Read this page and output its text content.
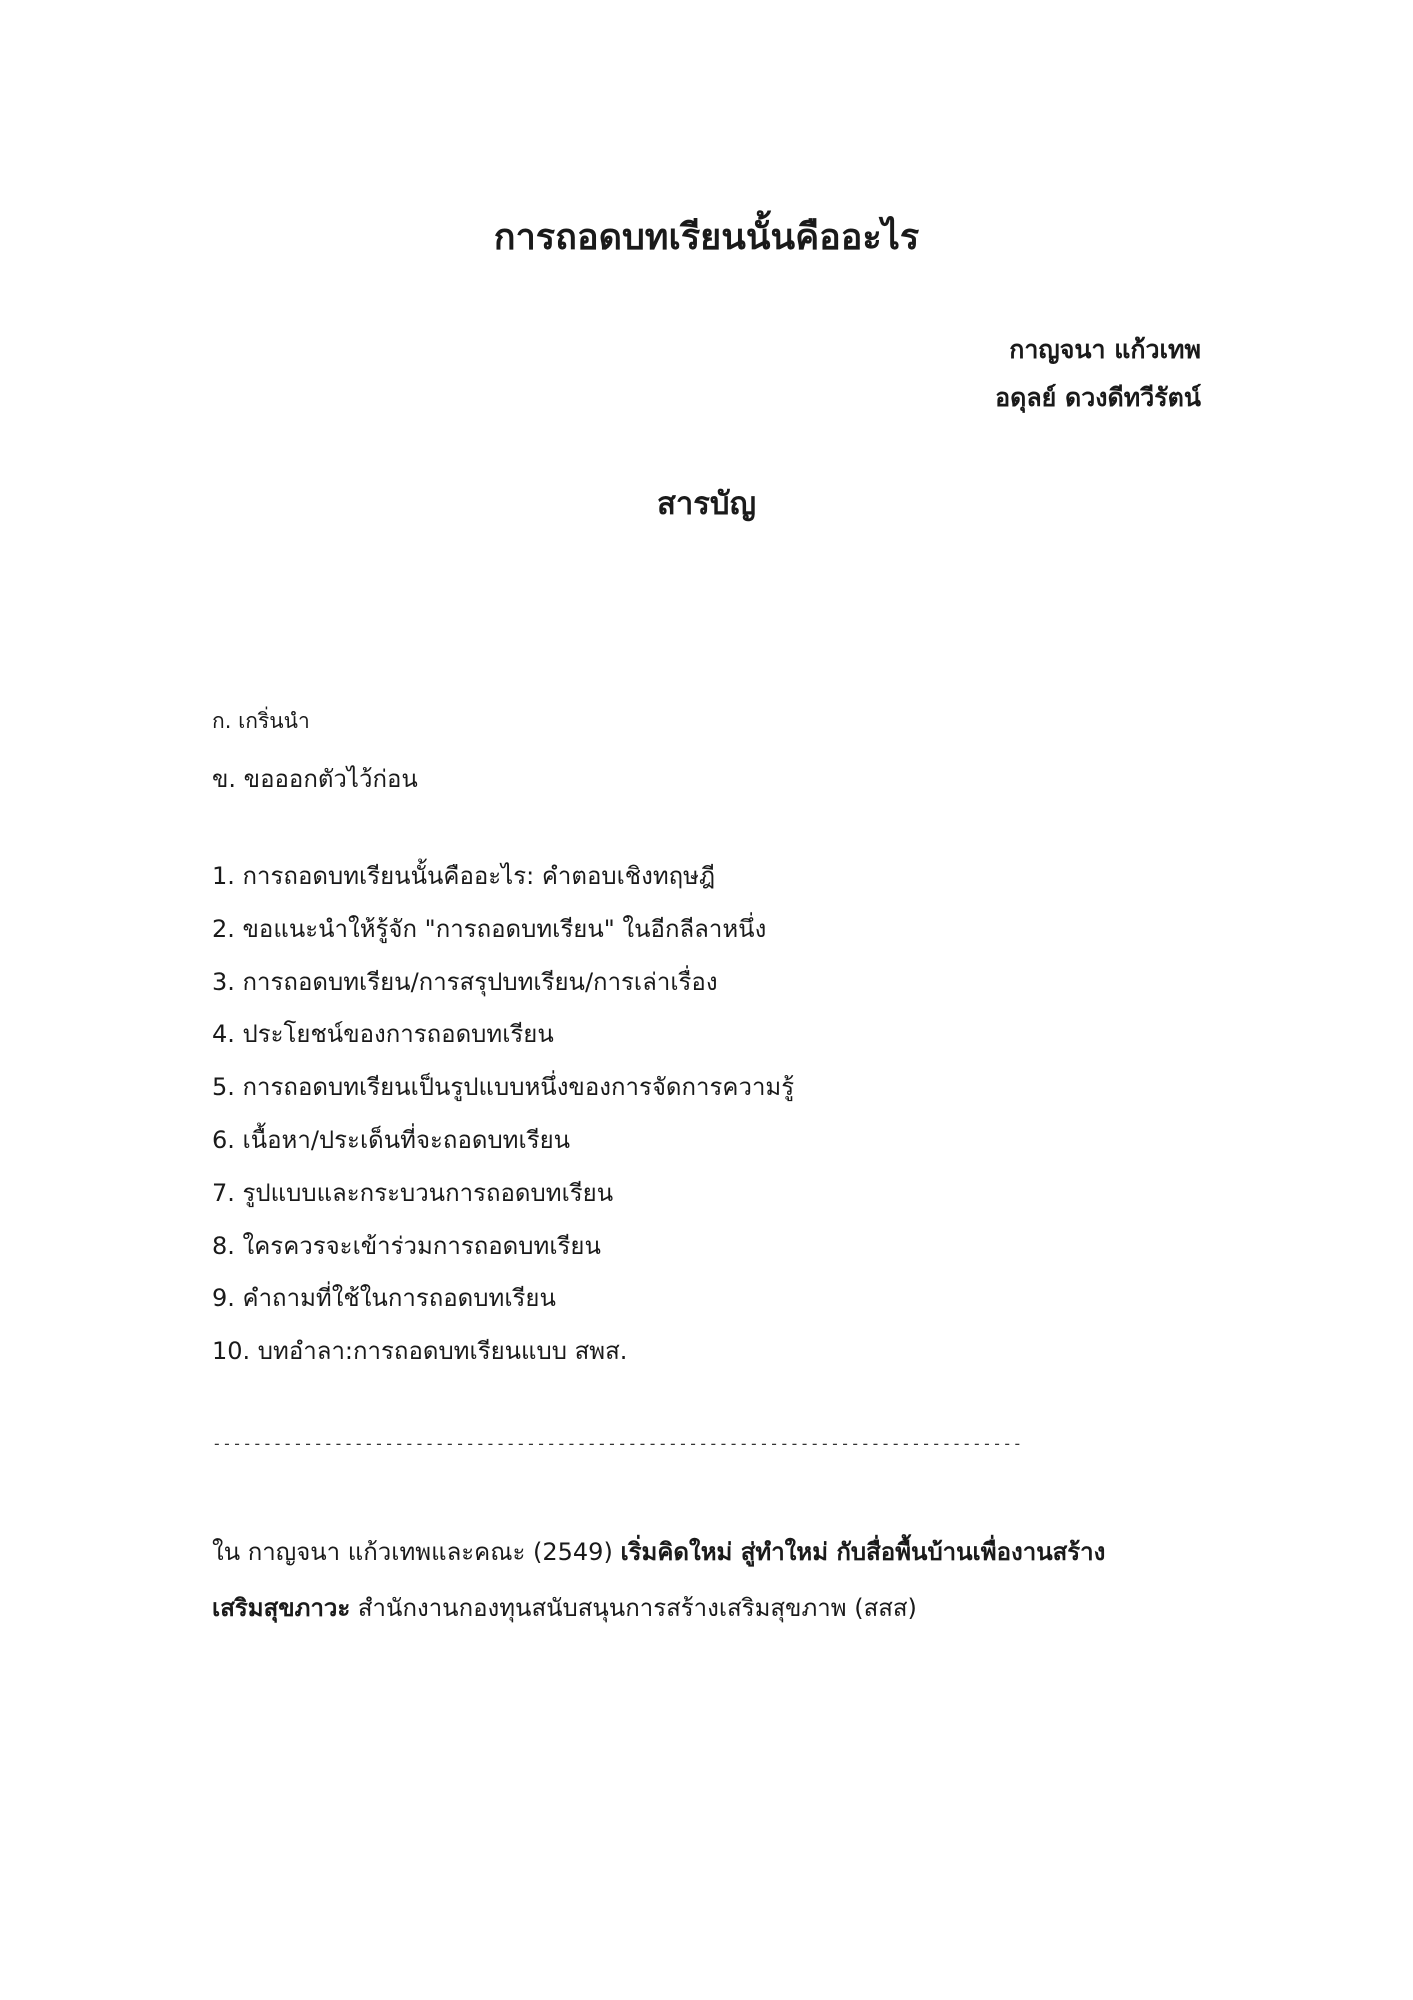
การถอดบทเรียนนั้นคืออะไร
กาญจนา แก้วเทพ
อดุลย์ ดวงดีทวีรัตน์
สารบัญ
ก. เกริ่นนำ
ข. ขอออกตัวไว้ก่อน
1. การถอดบทเรียนนั้นคืออะไร: คำตอบเชิงทฤษฎี
2. ขอแนะนำให้รู้จัก "การถอดบทเรียน" ในอีกลีลาหนึ่ง
3. การถอดบทเรียน/การสรุปบทเรียน/การเล่าเรื่อง
4. ประโยชน์ของการถอดบทเรียน
5. การถอดบทเรียนเป็นรูปแบบหนึ่งของการจัดการความรู้
6. เนื้อหา/ประเด็นที่จะถอดบทเรียน
7. รูปแบบและกระบวนการถอดบทเรียน
8. ใครควรจะเข้าร่วมการถอดบทเรียน
9. คำถามที่ใช้ในการถอดบทเรียน
10. บทอำลา:การถอดบทเรียนแบบ สพส.
--------------------------------------------------------------------------------
ใน กาญจนา แก้วเทพและคณะ (2549) เริ่มคิดใหม่ สู่ทำใหม่ กับสื่อพื้นบ้านเพื่องานสร้าง
เสริมสุขภาวะ สำนักงานกองทุนสนับสนุนการสร้างเสริมสุขภาพ (สสส)
